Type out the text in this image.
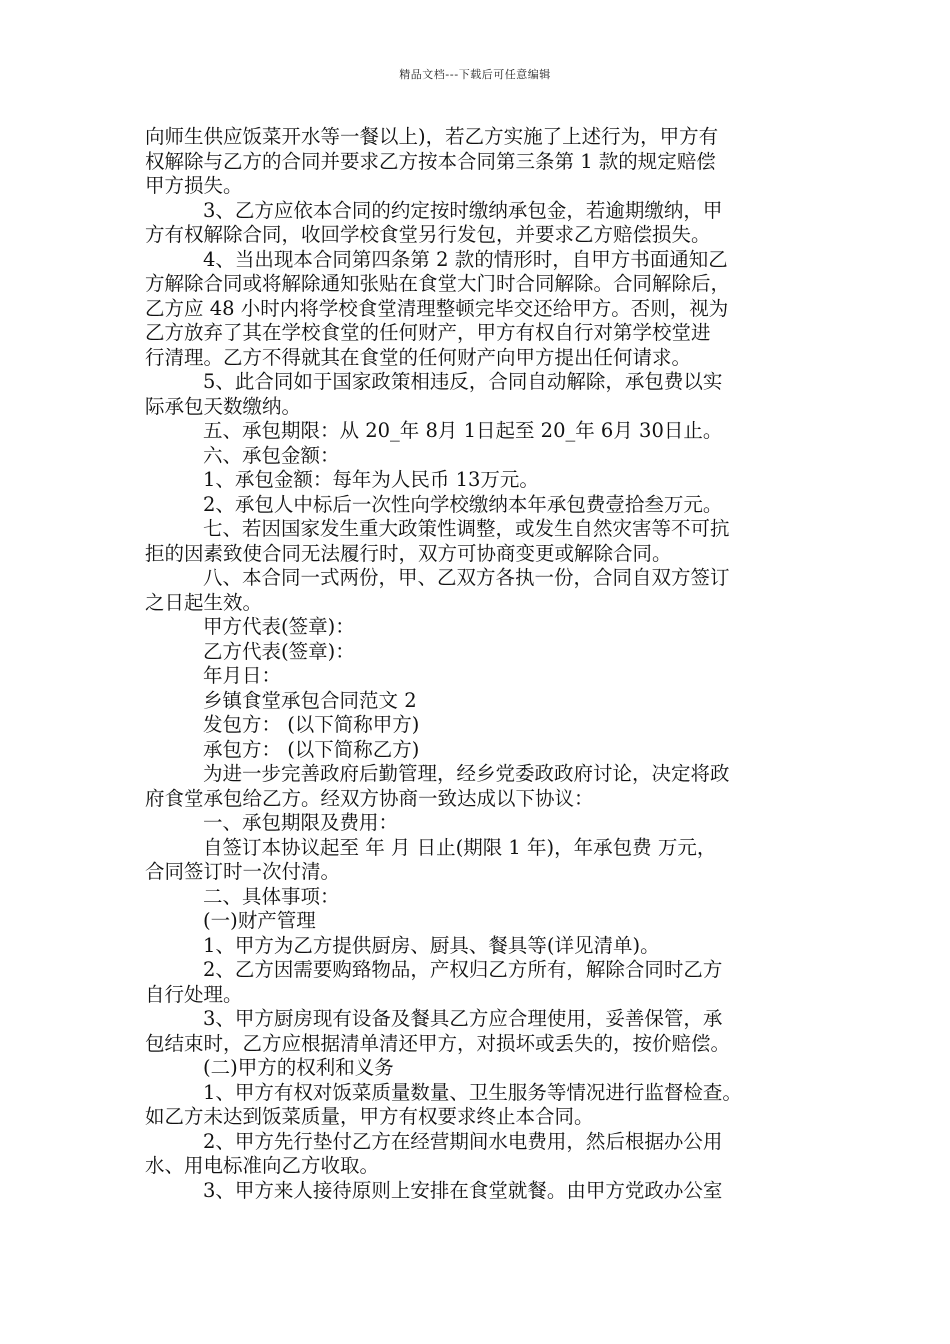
精品文档---下载后可任意编辑
向师生供应饭菜开水等一餐以上)，若乙方实施了上述行为，甲方有
权解除与乙方的合同并要求乙方按本合同第三条第 1 款的规定赔偿
甲方损失。
3、乙方应依本合同的约定按时缴纳承包金，若逾期缴纳，甲
方有权解除合同，收回学校食堂另行发包，并要求乙方赔偿损失。
4、当出现本合同第四条第 2 款的情形时，自甲方书面通知乙
方解除合同或将解除通知张贴在食堂大门时合同解除。合同解除后，
乙方应 48 小时内将学校食堂清理整顿完毕交还给甲方。否则，视为
乙方放弃了其在学校食堂的任何财产，甲方有权自行对第学校堂进
行清理。乙方不得就其在食堂的任何财产向甲方提出任何请求。
5、此合同如于国家政策相违反，合同自动解除，承包费以实
际承包天数缴纳。
五、承包期限：从 20_年 8月 1日起至 20_年 6月 30日止。
六、承包金额：
1、承包金额：每年为人民币 13万元。
2、承包人中标后一次性向学校缴纳本年承包费壹拾叁万元。
七、若因国家发生重大政策性调整，或发生自然灾害等不可抗
拒的因素致使合同无法履行时，双方可协商变更或解除合同。
八、本合同一式两份，甲、乙双方各执一份，合同自双方签订
之日起生效。
甲方代表(签章)：
乙方代表(签章)：
年月日：
乡镇食堂承包合同范文 2
发包方： (以下简称甲方)
承包方： (以下简称乙方)
为进一步完善政府后勤管理，经乡党委政政府讨论，决定将政
府食堂承包给乙方。经双方协商一致达成以下协议：
一、承包期限及费用：
自签订本协议起至 年 月 日止(期限 1 年)，年承包费 万元，
合同签订时一次付清。
二、具体事项：
(一)财产管理
1、甲方为乙方提供厨房、厨具、餐具等(详见清单)。
2、乙方因需要购臵物品，产权归乙方所有，解除合同时乙方
自行处理。
3、甲方厨房现有设备及餐具乙方应合理使用，妥善保管，承
包结束时，乙方应根据清单清还甲方，对损坏或丢失的，按价赔偿。
(二)甲方的权利和义务
1、甲方有权对饭菜质量数量、卫生服务等情况进行监督检查。
如乙方未达到饭菜质量，甲方有权要求终止本合同。
2、甲方先行垫付乙方在经营期间水电费用，然后根据办公用
水、用电标准向乙方收取。
3、甲方来人接待原则上安排在食堂就餐。由甲方党政办公室
